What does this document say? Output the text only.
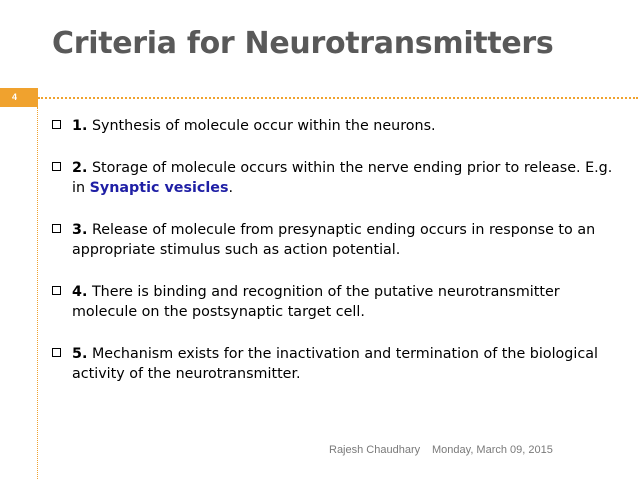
Criteria for Neurotransmitters
4
1. Synthesis of molecule occur within the neurons.
2. Storage of molecule occurs within the nerve ending prior to release. E.g. in Synaptic vesicles.
3. Release of molecule from presynaptic ending occurs in response to an appropriate stimulus such as action potential.
4. There is binding and recognition of the putative neurotransmitter molecule on the postsynaptic target cell.
5. Mechanism exists for the inactivation and termination of the biological activity of the neurotransmitter.
Rajesh Chaudhary Monday, March 09, 2015
